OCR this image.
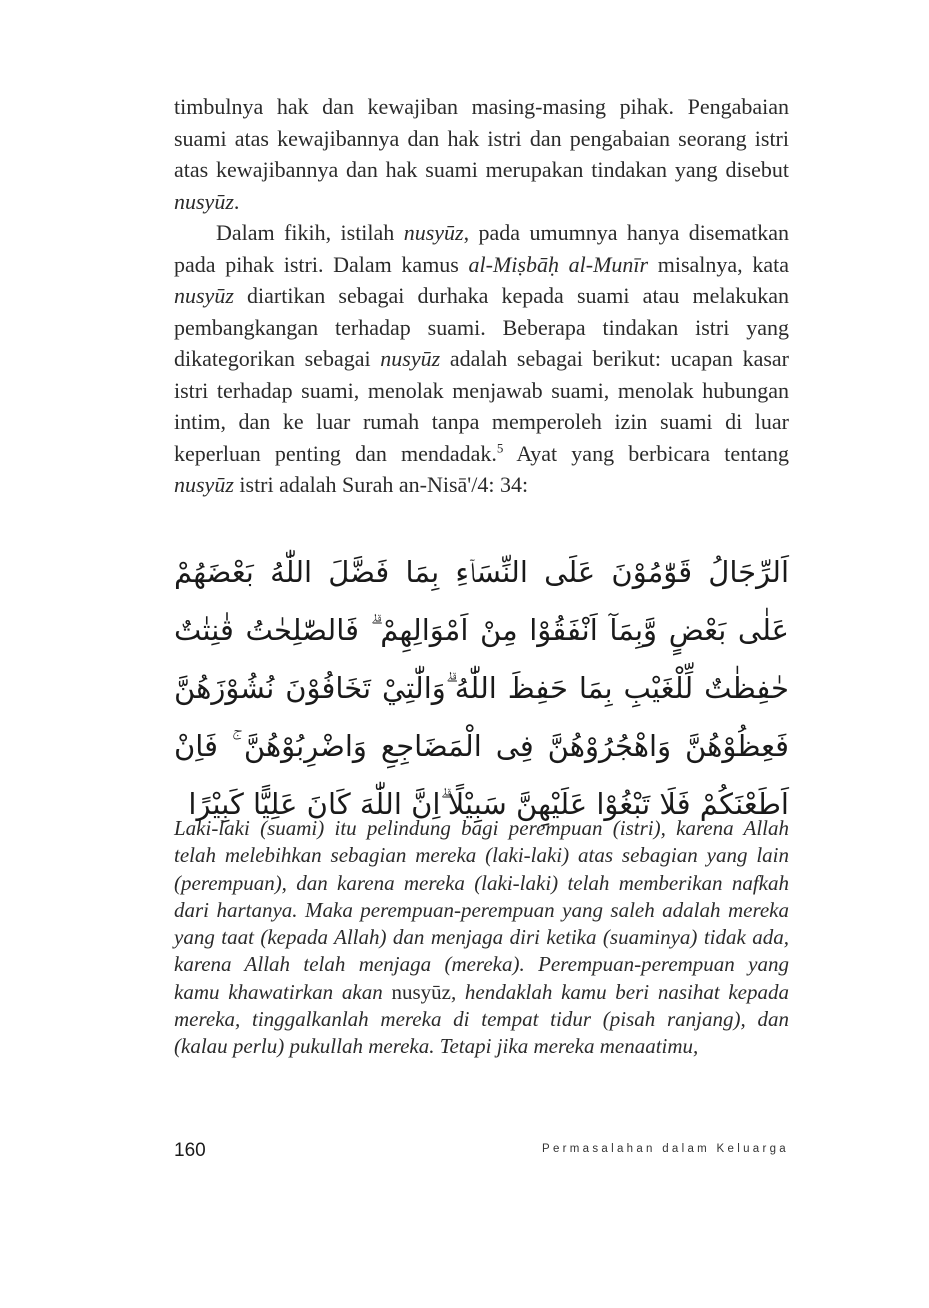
timbulnya hak dan kewajiban masing-masing pihak. Pengabaian suami atas kewajibannya dan hak istri dan pengabaian seorang istri atas kewajibannya dan hak suami merupakan tindakan yang disebut nusyūz.

Dalam fikih, istilah nusyūz, pada umumnya hanya disematkan pada pihak istri. Dalam kamus al-Miṣbāḥ al-Munīr misalnya, kata nusyūz diartikan sebagai durhaka kepada suami atau melakukan pembangkangan terhadap suami. Beberapa tindakan istri yang dikategorikan sebagai nusyūz adalah sebagai berikut: ucapan kasar istri terhadap suami, menolak menjawab suami, menolak hubungan intim, dan ke luar rumah tanpa memperoleh izin suami di luar keperluan penting dan mendadak.$^5$ Ayat yang berbicara tentang nusyūz istri adalah Surah an-Nisā'/4: 34:

اَلرِّجَالُ قَوّٰمُوْنَ عَلَى النِّسَاۤءِ بِمَا فَضَّلَ اللّٰهُ بَعْضَهُمْ عَلٰى بَعْضٍ وَّبِمَآ اَنْفَقُوْا مِنْ اَمْوَالِهِمْ ۗ فَالصّٰلِحٰتُ قٰنِتٰتٌ حٰفِظٰتٌ لِّلْغَيْبِ بِمَا حَفِظَ اللّٰهُ ۗوَالّٰتِيْ تَخَافُوْنَ نُشُوْزَهُنَّ فَعِظُوْهُنَّ وَاهْجُرُوْهُنَّ فِى الْمَضَاجِعِ وَاضْرِبُوْهُنَّ ۚ فَاِنْ اَطَعْنَكُمْ فَلَا تَبْغُوْا عَلَيْهِنَّ سَبِيْلًا ۗاِنَّ اللّٰهَ كَانَ عَلِيًّا كَبِيْرًا

Laki-laki (suami) itu pelindung bagi perempuan (istri), karena Allah telah melebihkan sebagian mereka (laki-laki) atas sebagian yang lain (perempuan), dan karena mereka (laki-laki) telah memberikan nafkah dari hartanya. Maka perempuan-perempuan yang saleh adalah mereka yang taat (kepada Allah) dan menjaga diri ketika (suaminya) tidak ada, karena Allah telah menjaga (mereka). Perempuan-perempuan yang kamu khawatirkan akan nusyūz, hendaklah kamu beri nasihat kepada mereka, tinggalkanlah mereka di tempat tidur (pisah ranjang), dan (kalau perlu) pukullah mereka. Tetapi jika mereka menaatimu,

160	Permasalahan dalam Keluarga
